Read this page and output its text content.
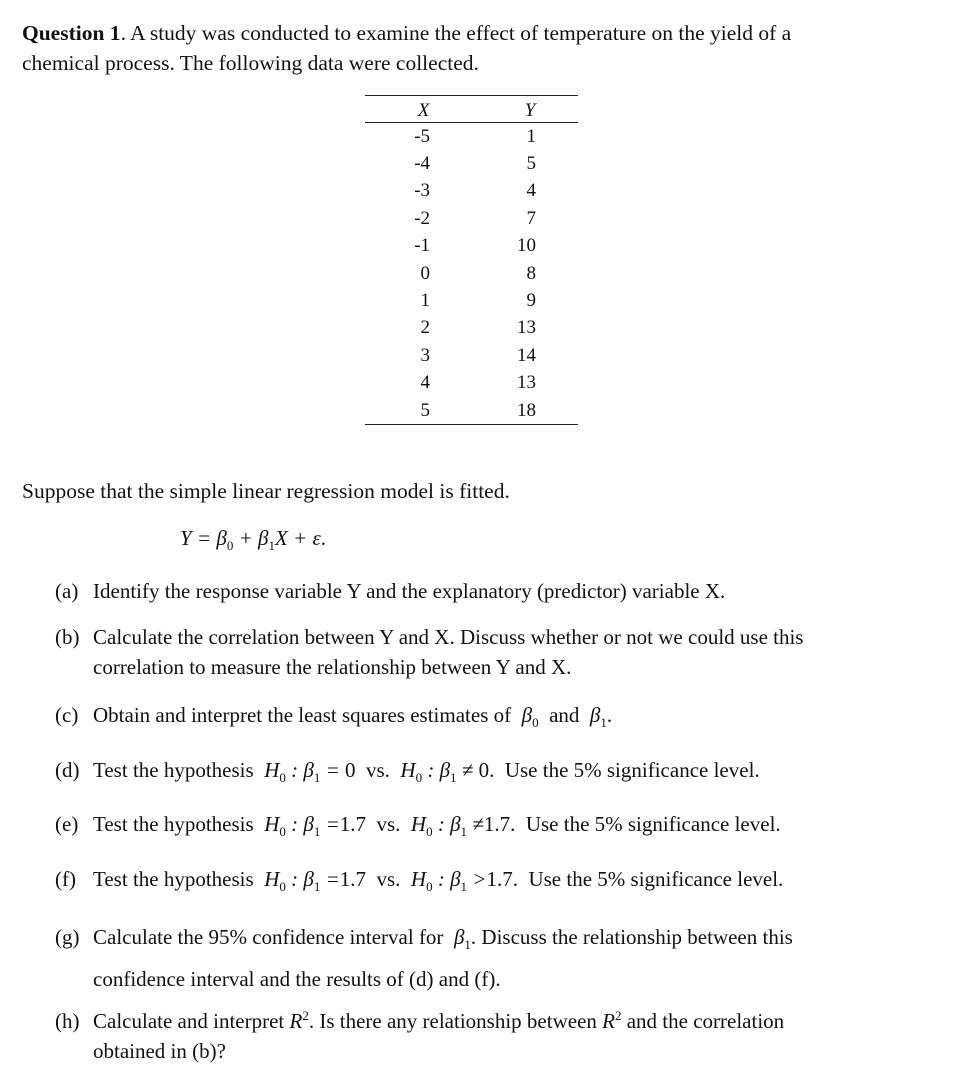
Question 1. A study was conducted to examine the effect of temperature on the yield of a
chemical process. The following data were collected.
X	Y
-5	1
-4	5
-3	4
-2	7
-1	10
0	8
1	9
2	13
3	14
4	13
5	18
Suppose that the simple linear regression model is fitted.
$Y = \beta_0 + \beta_1X + \varepsilon$.
(a) Identify the response variable Y and the explanatory (predictor) variable X.
(b) Calculate the correlation between Y and X. Discuss whether or not we could use this
correlation to measure the relationship between Y and X.
(c) Obtain and interpret the least squares estimates of  $\beta_0$  and  $\beta_1$.
(d) Test the hypothesis  $H_0$ : $\beta_1 = 0$  vs.  $H_0$ : $\beta_1 \ne 0$. Use the 5% significance level.
(e) Test the hypothesis  $H_0$ : $\beta_1 =1.7$  vs.  $H_0$ : $\beta_1 \ne 1.7$. Use the 5% significance level.
(f) Test the hypothesis  $H_0$ : $\beta_1 =1.7$  vs.  $H_0$ : $\beta_1 >1.7$. Use the 5% significance level.
(g) Calculate the 95% confidence interval for  $\beta_1$. Discuss the relationship between this
confidence interval and the results of (d) and (f).
(h) Calculate and interpret $R^2$. Is there any relationship between $R^2$ and the correlation
obtained in (b)?
